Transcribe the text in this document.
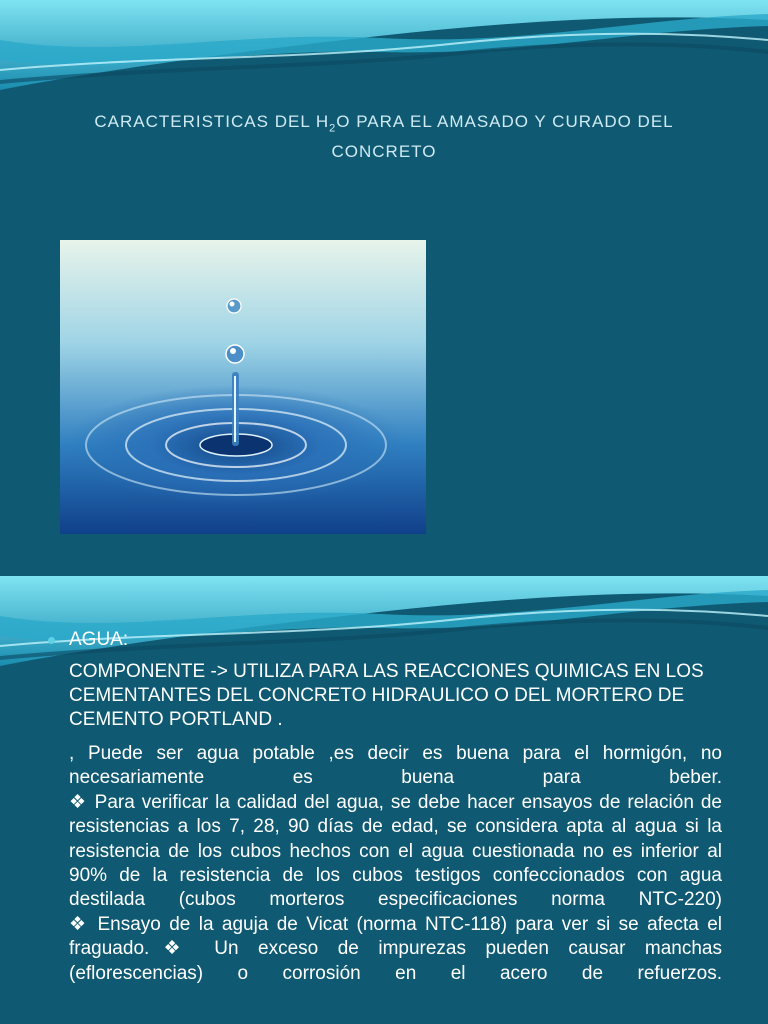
CARACTERISTICAS DEL $H_2O$ PARA EL AMASADO Y CURADO DEL CONCRETO
AGUA:
COMPONENTE -> UTILIZA PARA LAS REACCIONES QUIMICAS EN LOS CEMENTANTES DEL CONCRETO HIDRAULICO O DEL MORTERO DE CEMENTO PORTLAND .

, Puede ser agua potable ,es decir es buena para el hormigón, no necesariamente es buena para beber.

❖ Para verificar la calidad del agua, se debe hacer ensayos de relación de resistencias a los 7, 28, 90 días de edad, se considera apta al agua si la resistencia de los cubos hechos con el agua cuestionada no es inferior al 90% de la resistencia de los cubos testigos confeccionados con agua destilada (cubos morteros especificaciones norma NTC-220)

❖ Ensayo de la aguja de Vicat (norma NTC-118) para ver si se afecta el fraguado.❖ Un exceso de impurezas pueden causar manchas (eflorescencias) o corrosión en el acero de refuerzos.
